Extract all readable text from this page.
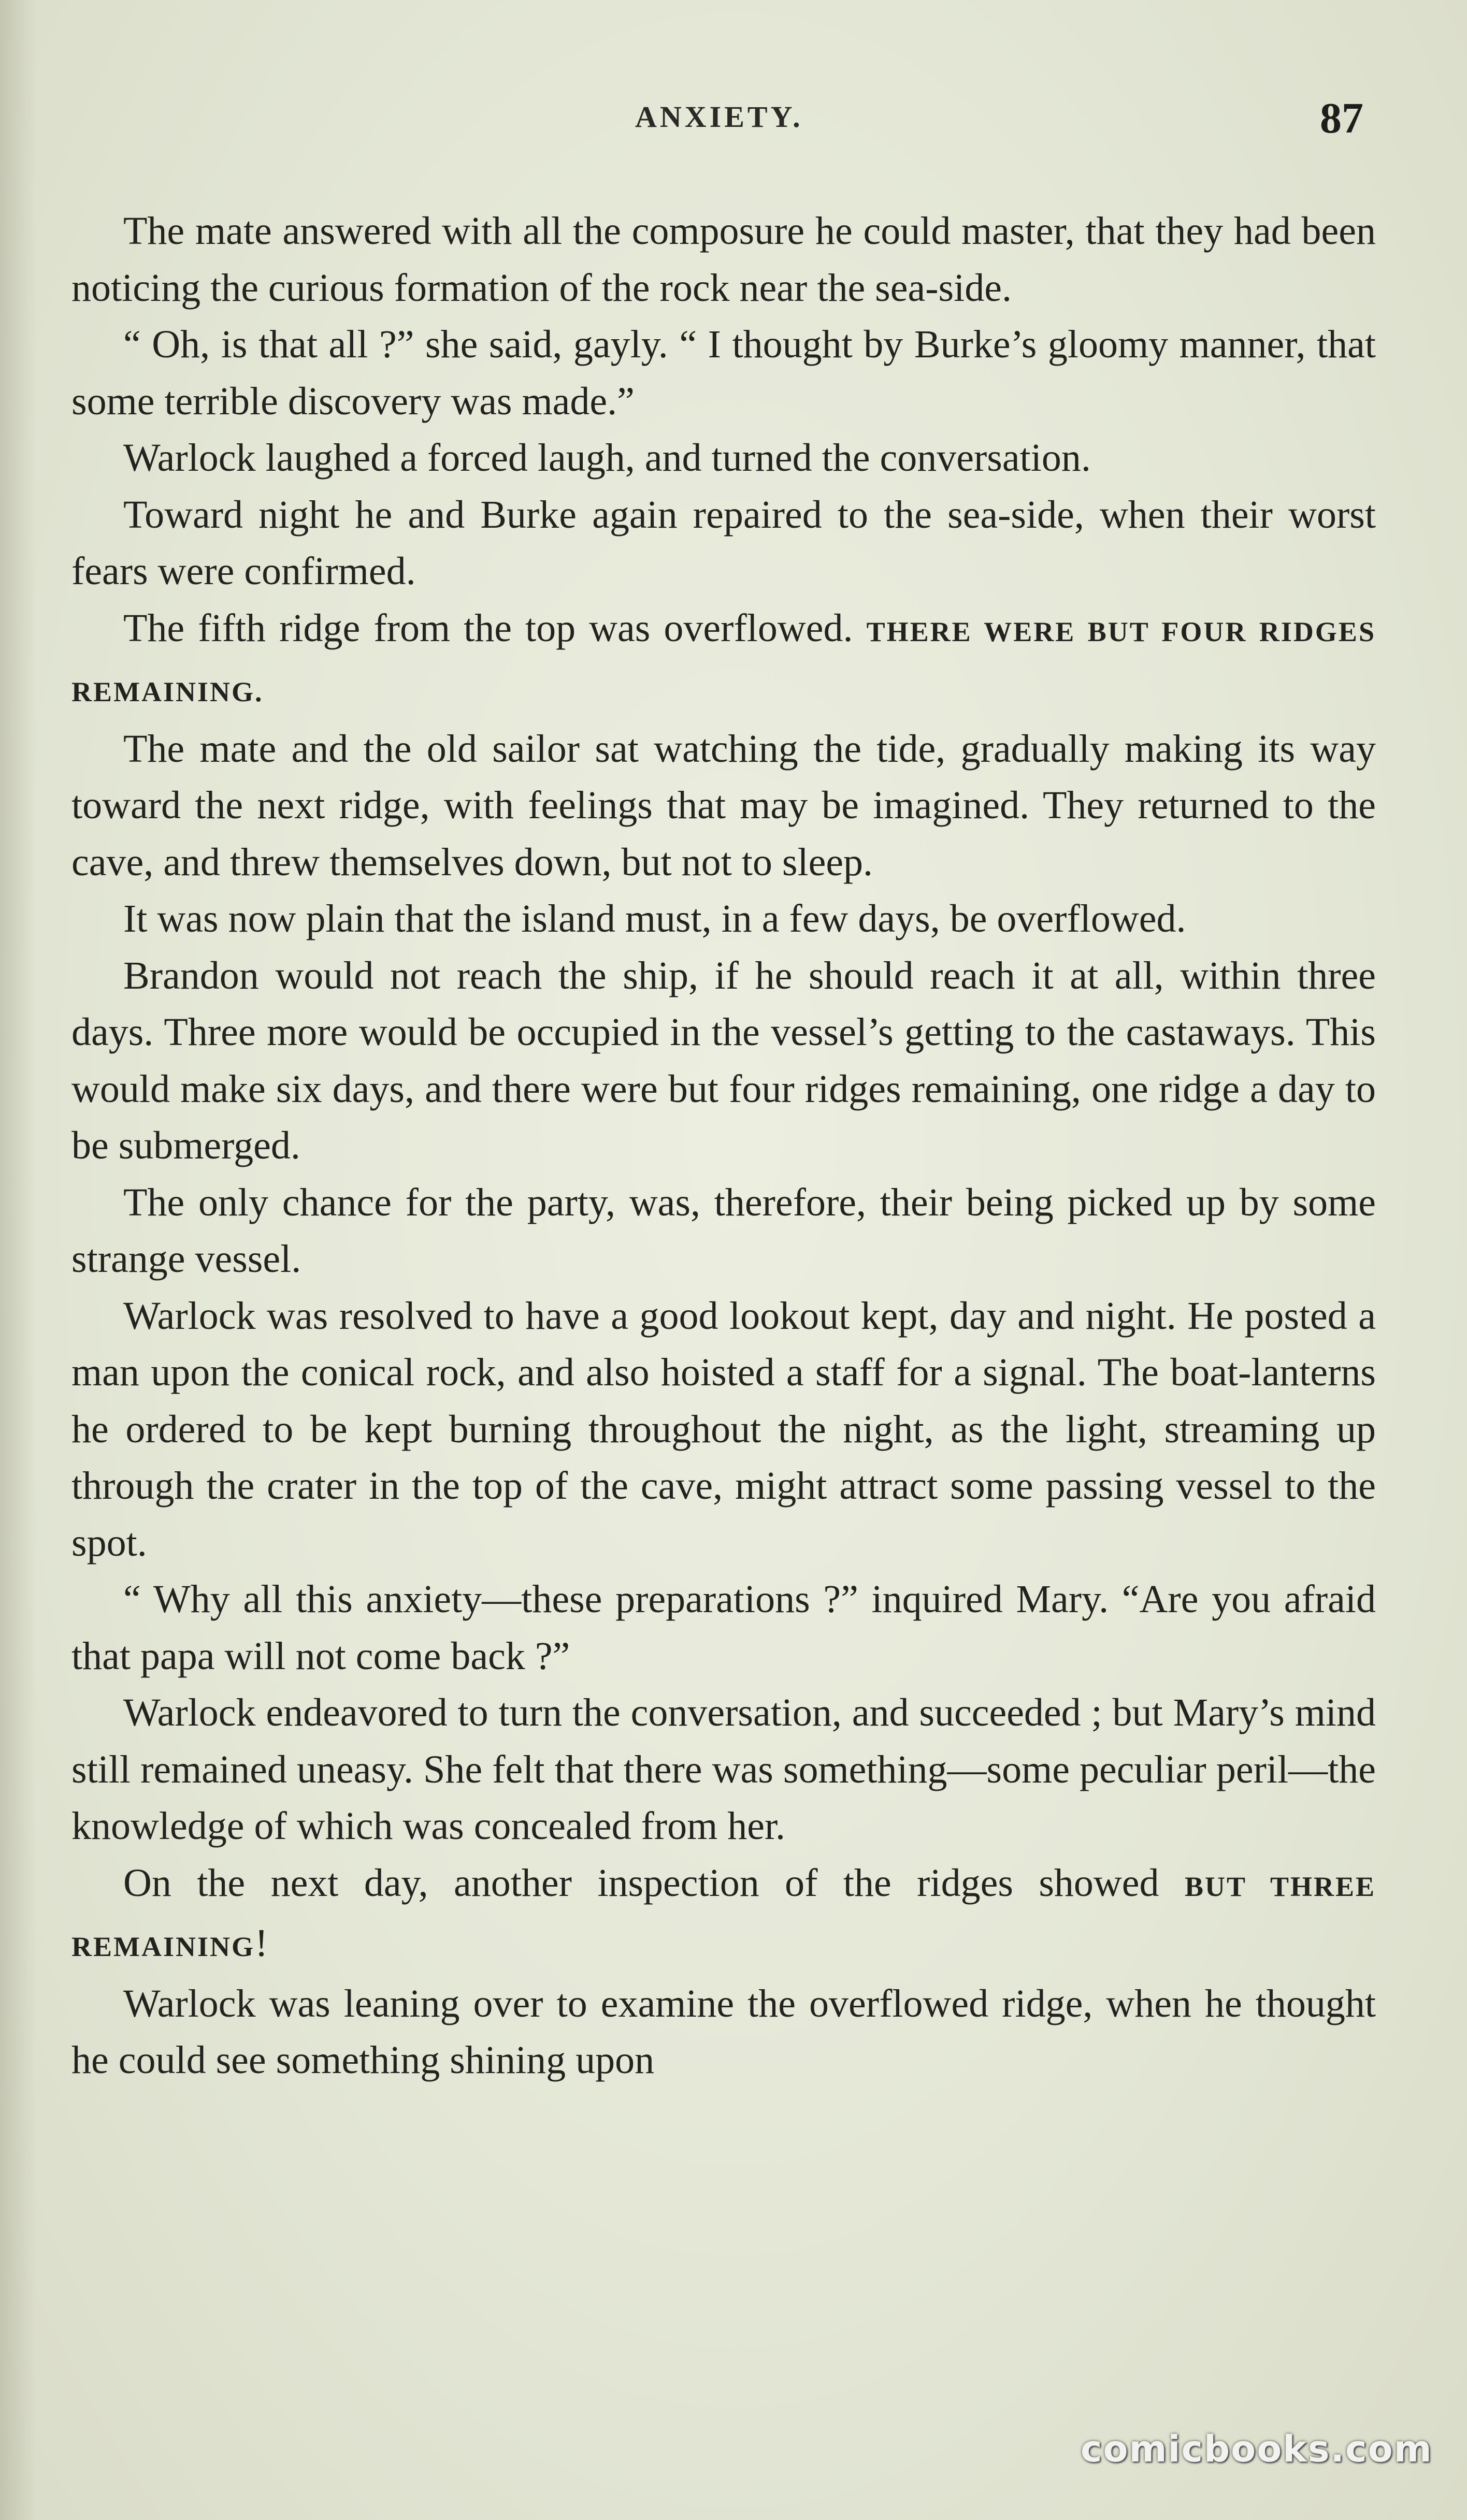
ANXIETY.	87

The mate answered with all the composure he could master, that they had been noticing the curious formation of the rock near the sea-side.

“ Oh, is that all ?” she said, gayly. “ I thought by Burke’s gloomy manner, that some terrible discovery was made.”

Warlock laughed a forced laugh, and turned the conversation.

Toward night he and Burke again repaired to the sea-side, when their worst fears were confirmed.

The fifth ridge from the top was overflowed. THERE WERE BUT FOUR RIDGES REMAINING.

The mate and the old sailor sat watching the tide, gradually making its way toward the next ridge, with feelings that may be imagined. They returned to the cave, and threw themselves down, but not to sleep.

It was now plain that the island must, in a few days, be overflowed.

Brandon would not reach the ship, if he should reach it at all, within three days. Three more would be occupied in the vessel’s getting to the castaways. This would make six days, and there were but four ridges remaining, one ridge a day to be submerged.

The only chance for the party, was, therefore, their being picked up by some strange vessel.

Warlock was resolved to have a good lookout kept, day and night. He posted a man upon the conical rock, and also hoisted a staff for a signal. The boat-lanterns he ordered to be kept burning throughout the night, as the light, streaming up through the crater in the top of the cave, might attract some passing vessel to the spot.

“ Why all this anxiety—these preparations ?” inquired Mary. “Are you afraid that papa will not come back ?”

Warlock endeavored to turn the conversation, and succeeded ; but Mary’s mind still remained uneasy. She felt that there was something—some peculiar peril—the knowledge of which was concealed from her.

On the next day, another inspection of the ridges showed BUT THREE REMAINING!

Warlock was leaning over to examine the overflowed ridge, when he thought he could see something shining upon

comicbooks.com
